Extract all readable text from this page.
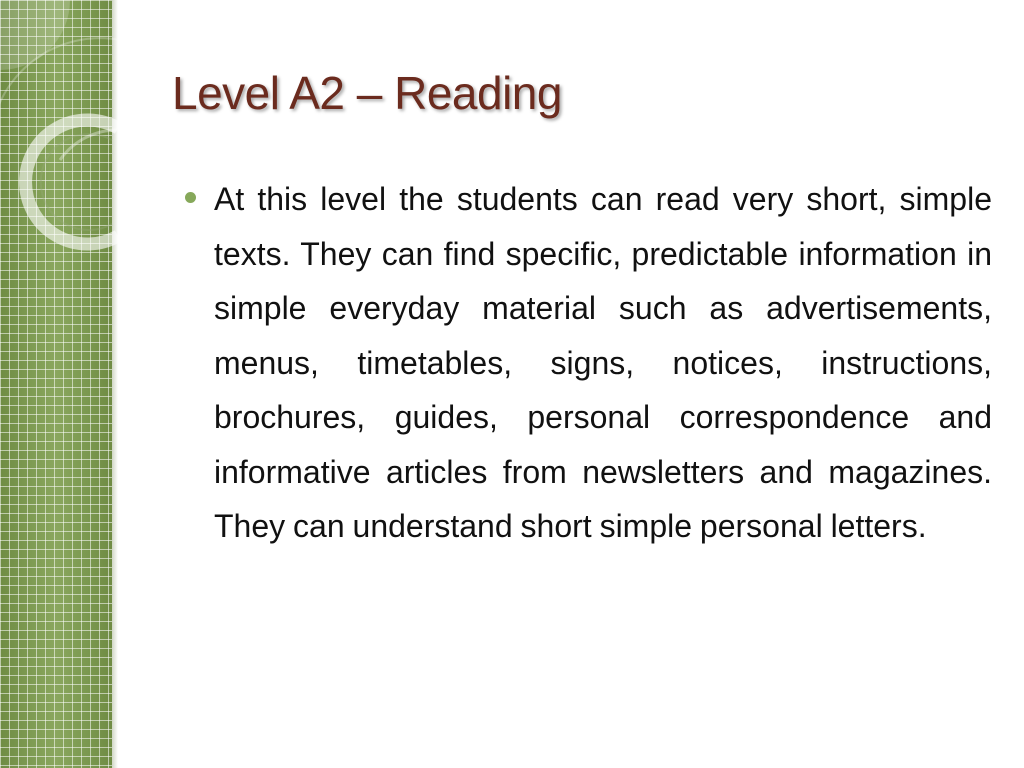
Level A2 – Reading

At this level the students can read very short, simple texts. They can find specific, predictable information in simple everyday material such as advertisements, menus, timetables, signs, notices, instructions, brochures, guides, personal correspondence and informative articles from newsletters and magazines. They can understand short simple personal letters.
